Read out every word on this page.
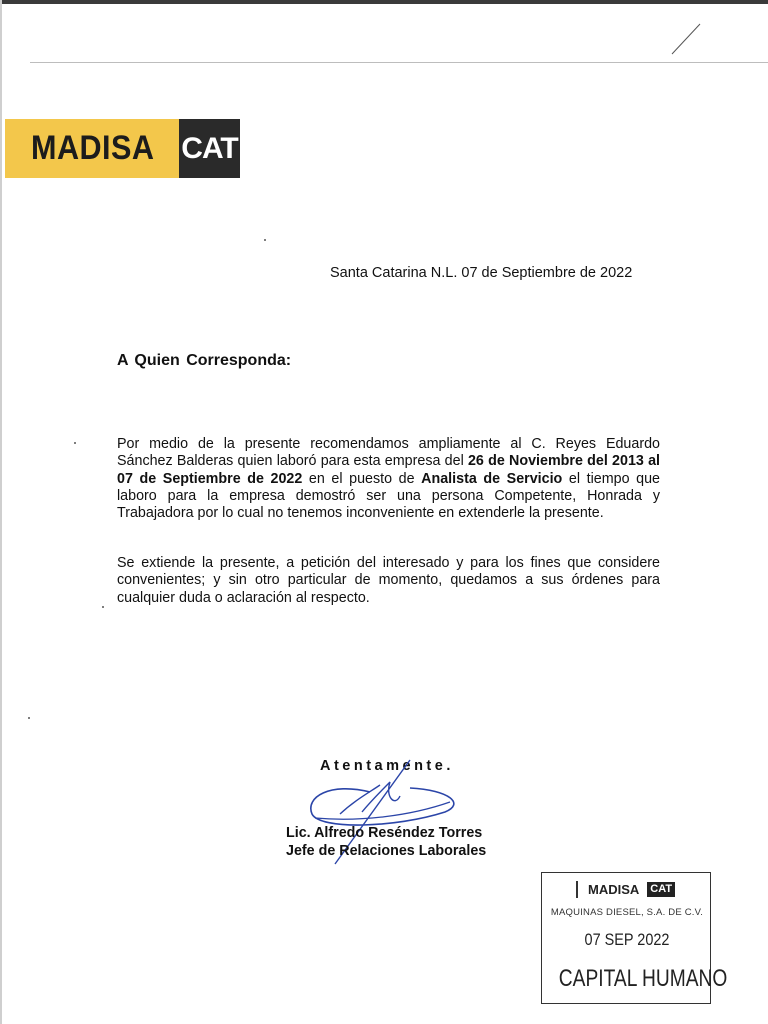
MADISA CAT
Santa Catarina N.L. 07 de Septiembre de 2022
A Quien Corresponda:
Por medio de la presente recomendamos ampliamente al C. Reyes Eduardo Sánchez Balderas quien laboró para esta empresa del 26 de Noviembre del 2013 al 07 de Septiembre de 2022 en el puesto de Analista de Servicio el tiempo que laboro para la empresa demostró ser una persona Competente, Honrada y Trabajadora por lo cual no tenemos inconveniente en extenderle la presente.
Se extiende la presente, a petición del interesado y para los fines que considere convenientes; y sin otro particular de momento, quedamos a sus órdenes para cualquier duda o aclaración al respecto.
Atentamente.
Lic. Alfredo Reséndez Torres
Jefe de Relaciones Laborales
MADISA CAT
MAQUINAS DIESEL, S.A. DE C.V.
07 SEP 2022
CAPITAL HUMANO
